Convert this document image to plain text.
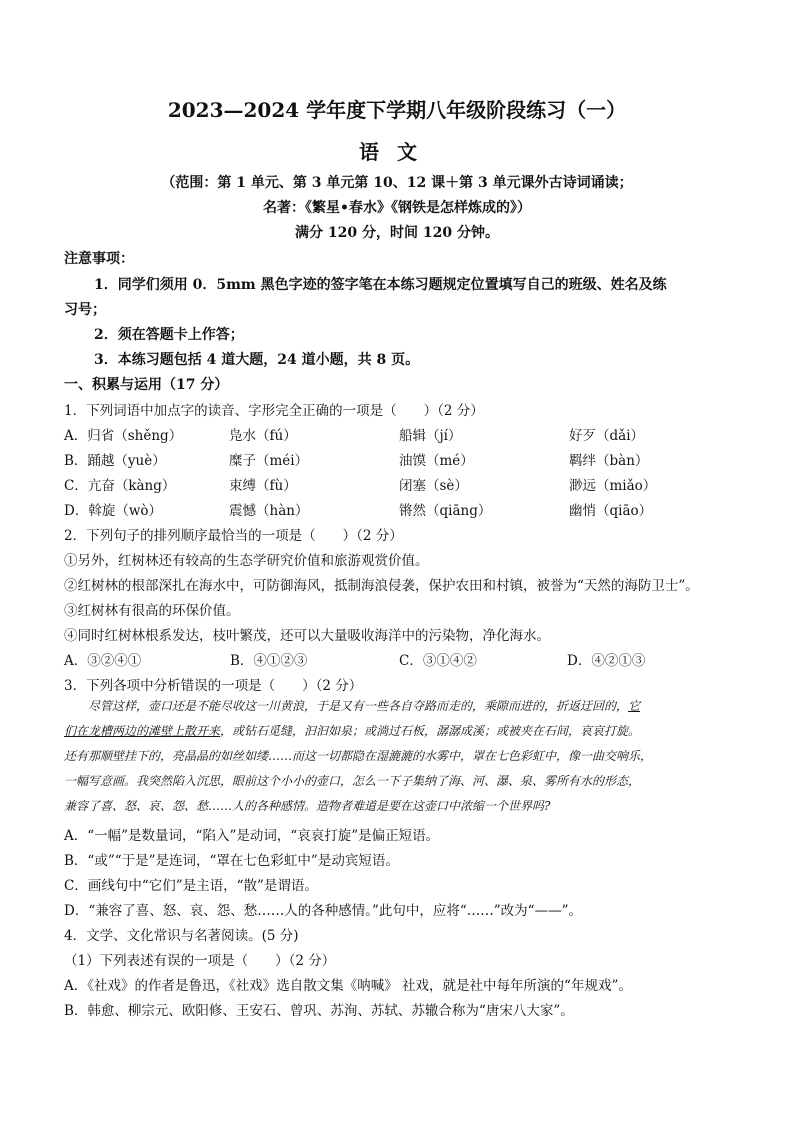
2023—2024 学年度下学期八年级阶段练习（一）
语文
（范围：第 1 单元、第 3 单元第 10、12 课＋第 3 单元课外古诗词诵读；
名著：《繁星•春水》《钢铁是怎样炼成的》）
满分 120 分，时间 120 分钟。
注意事项：
1．同学们须用 0．5mm 黑色字迹的签字笔在本练习题规定位置填写自己的班级、姓名及练
习号；
2．须在答题卡上作答；
3．本练习题包括 4 道大题，24 道小题，共 8 页。
一、积累与运用（17 分）
1．下列词语中加点字的读音、字形完全正确的一项是（　　）（2 分）
A．归省（shěng）	凫水（fú）	船辑（jí）	好歹（dǎi）
B．踊越（yuè）	糜子（méi）	油馍（mé）	羁绊（bàn）
C．亢奋（kàng）	束缚（fù）	闭塞（sè）	渺远（miǎo）
D．斡旋（wò）	震憾（hàn）	锵然（qiāng）	幽悄（qiāo）
2．下列句子的排列顺序最恰当的一项是（　　）（2 分）
①另外，红树林还有较高的生态学研究价值和旅游观赏价值。
②红树林的根部深扎在海水中，可防御海风，抵制海浪侵袭，保护农田和村镇，被誉为“天然的海防卫士”。
③红树林有很高的环保价值。
④同时红树林根系发达，枝叶繁茂，还可以大量吸收海洋中的污染物，净化海水。
A．③②④①	B．④①②③	C．③①④②	D．④②①③
3．下列各项中分析错误的一项是（　　）（2 分）
尽管这样，壶口还是不能尽收这一川黄浪，于是又有一些各自夺路而走的，乘隙而进的，折返迂回的，它
们在龙槽两边的滩壁上散开来，或钻石觅缝，汩汩如泉；或淌过石板，潺潺成溪；或被夹在石间，哀哀打旋。
还有那顺壁挂下的，亮晶晶的如丝如缕……而这一切都隐在湿漉漉的水雾中，罩在七色彩虹中，像一曲交响乐，
一幅写意画。我突然陷入沉思，眼前这个小小的壶口，怎么一下子集纳了海、河、瀑、泉、雾所有水的形态，
兼容了喜、怒、哀、怨、愁……人的各种感情。造物者难道是要在这壶口中浓缩一个世界吗?
A．“一幅”是数量词，“陷入”是动词，“哀哀打旋”是偏正短语。
B．“或”“于是”是连词，“罩在七色彩虹中”是动宾短语。
C．画线句中“它们”是主语，“散”是谓语。
D．“兼容了喜、怒、哀、怨、愁……人的各种感情。”此句中，应将“……”改为“——”。
4．文学、文化常识与名著阅读。(5 分)
（1）下列表述有误的一项是（　　）（2 分）
A．《社戏》的作者是鲁迅，《社戏》选自散文集《呐喊》 社戏，就是社中每年所演的“年规戏”。
B．韩愈、柳宗元、欧阳修、王安石、曾巩、苏洵、苏轼、苏辙合称为“唐宋八大家”。
